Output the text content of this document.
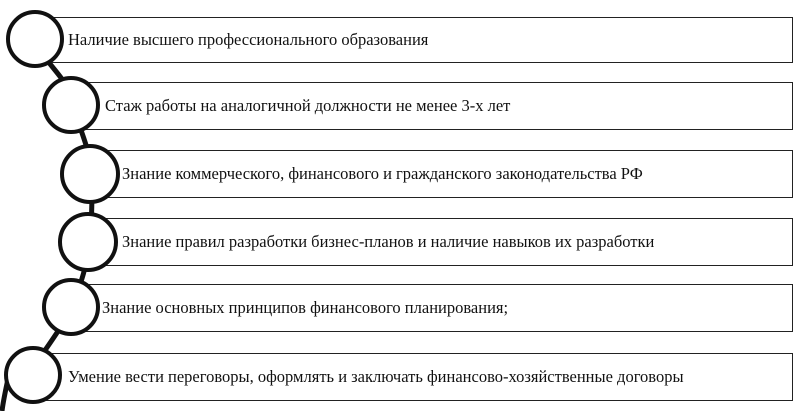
Наличие высшего профессионального образования
Стаж работы на аналогичной должности не менее 3-х лет
Знание коммерческого, финансового и гражданского законодательства РФ
Знание правил разработки бизнес-планов и наличие навыков их разработки
Знание основных принципов финансового планирования;
Умение вести переговоры, оформлять и заключать финансово-хозяйственные договоры
